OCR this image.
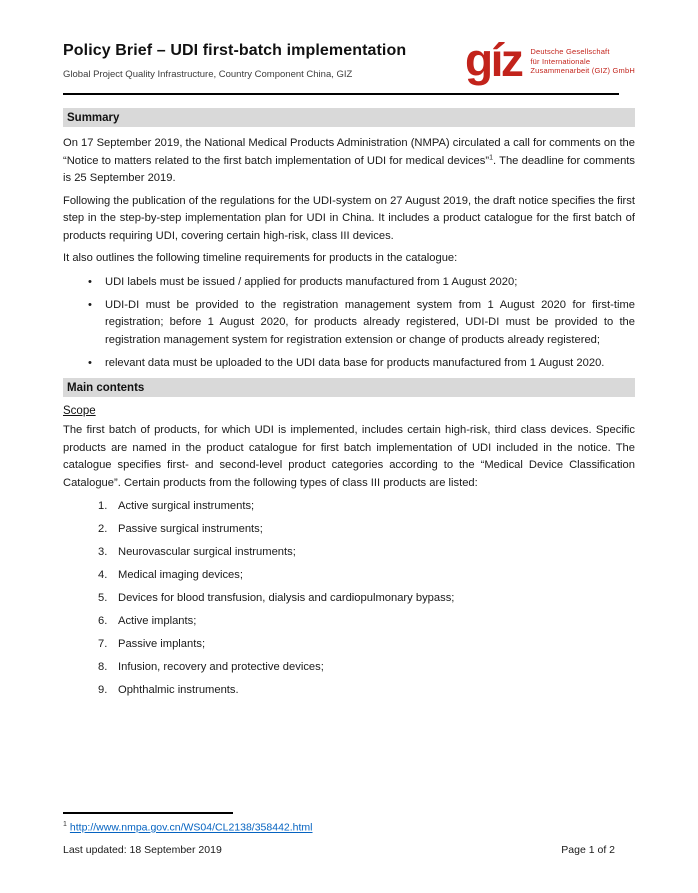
Policy Brief – UDI first-batch implementation
Global Project Quality Infrastructure, Country Component China, GIZ	gíz Deutsche Gesellschaft
für Internationale
Zusammenarbeit (GIZ) GmbH
Summary

On 17 September 2019, the National Medical Products Administration (NMPA) circulated a call for comments on the “Notice to matters related to the first batch implementation of UDI for medical devices”$^1$. The deadline for comments is 25 September 2019.

Following the publication of the regulations for the UDI-system on 27 August 2019, the draft notice specifies the first step in the step-by-step implementation plan for UDI in China. It includes a product catalogue for the first batch of products requiring UDI, covering certain high-risk, class III devices.

It also outlines the following timeline requirements for products in the catalogue:

• UDI labels must be issued / applied for products manufactured from 1 August 2020;
• UDI-DI must be provided to the registration management system from 1 August 2020 for first-time registration; before 1 August 2020, for products already registered, UDI-DI must be provided to the registration management system for registration extension or change of products already registered;
• relevant data must be uploaded to the UDI data base for products manufactured from 1 August 2020.
Main contents
Scope

The first batch of products, for which UDI is implemented, includes certain high-risk, third class devices. Specific products are named in the product catalogue for first batch implementation of UDI included in the notice. The catalogue specifies first- and second-level product categories according to the “Medical Device Classification Catalogue”. Certain products from the following types of class III products are listed:

Active surgical instruments;
Passive surgical instruments;
Neurovascular surgical instruments;
Medical imaging devices;
Devices for blood transfusion, dialysis and cardiopulmonary bypass;
Active implants;
Passive implants;
Infusion, recovery and protective devices;
Ophthalmic instruments.

$^1$ http://www.nmpa.gov.cn/WS04/CL2138/358442.html

Last updated: 18 September 2019	Page 1 of 2
